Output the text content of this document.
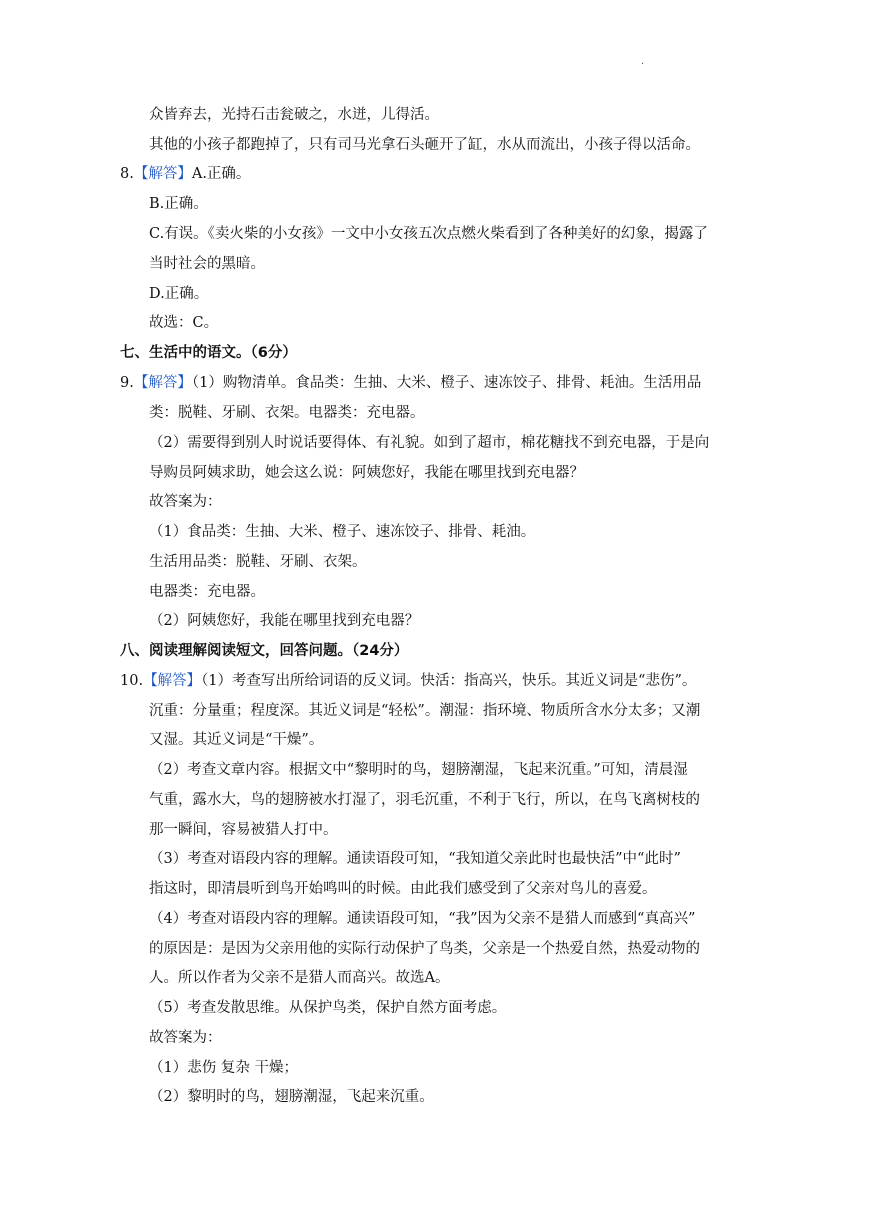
.
众皆弃去，光持石击瓮破之，水迸，儿得活。
其他的小孩子都跑掉了，只有司马光拿石头砸开了缸，水从而流出，小孩子得以活命。
8.【解答】A.正确。
B.正确。
C.有误。《卖火柴的小女孩》一文中小女孩五次点燃火柴看到了各种美好的幻象，揭露了
当时社会的黑暗。
D.正确。
故选：C。
七、生活中的语文。（6分）
9.【解答】（1）购物清单。食品类：生抽、大米、橙子、速冻饺子、排骨、耗油。生活用品
类：脱鞋、牙刷、衣架。电器类：充电器。
（2）需要得到别人时说话要得体、有礼貌。如到了超市，棉花糖找不到充电器，于是向
导购员阿姨求助，她会这么说：阿姨您好，我能在哪里找到充电器？
故答案为：
（1）食品类：生抽、大米、橙子、速冻饺子、排骨、耗油。
生活用品类：脱鞋、牙刷、衣架。
电器类：充电器。
（2）阿姨您好，我能在哪里找到充电器？
八、阅读理解阅读短文，回答问题。（24分）
10.【解答】（1）考查写出所给词语的反义词。快活：指高兴，快乐。其近义词是“悲伤”。
沉重：分量重；程度深。其近义词是“轻松”。潮湿：指环境、物质所含水分太多；又潮
又湿。其近义词是“干燥”。
（2）考查文章内容。根据文中“黎明时的鸟，翅膀潮湿，飞起来沉重。”可知，清晨湿
气重，露水大，鸟的翅膀被水打湿了，羽毛沉重，不利于飞行，所以，在鸟飞离树枝的
那一瞬间，容易被猎人打中。
（3）考查对语段内容的理解。通读语段可知，“我知道父亲此时也最快活”中“此时”
指这时，即清晨听到鸟开始鸣叫的时候。由此我们感受到了父亲对鸟儿的喜爱。
（4）考查对语段内容的理解。通读语段可知，“我”因为父亲不是猎人而感到“真高兴”
的原因是：是因为父亲用他的实际行动保护了鸟类，父亲是一个热爱自然，热爱动物的
人。所以作者为父亲不是猎人而高兴。故选A。
（5）考查发散思维。从保护鸟类，保护自然方面考虑。
故答案为：
（1）悲伤 复杂 干燥；
（2）黎明时的鸟，翅膀潮湿，飞起来沉重。
